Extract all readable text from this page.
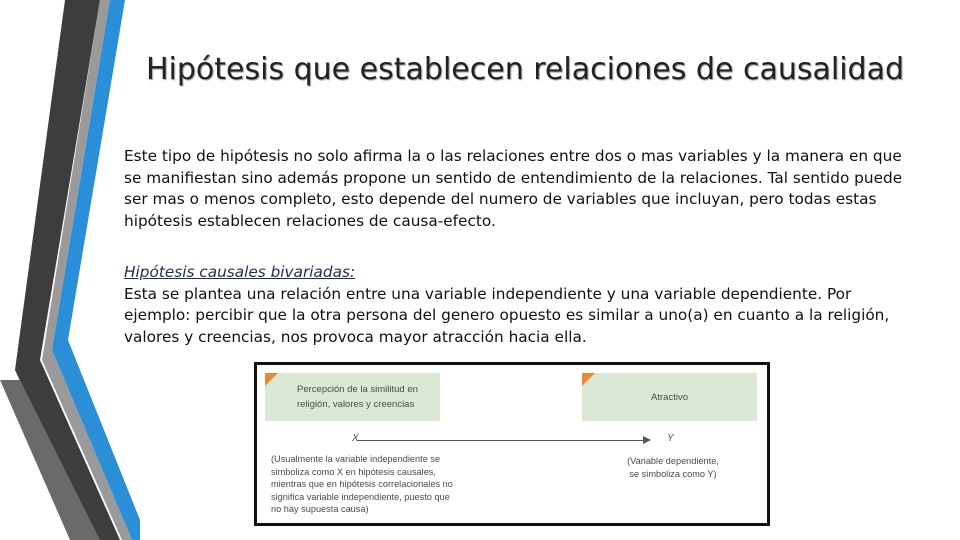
Hipótesis que establecen relaciones de causalidad
Este tipo de hipótesis no solo afirma la o las relaciones entre dos o mas variables y la manera en que se manifiestan sino además propone un sentido de entendimiento de la relaciones. Tal sentido puede ser mas o menos completo, esto depende del numero de variables que incluyan, pero todas estas hipótesis establecen relaciones de causa-efecto.
Hipótesis causales bivariadas:
Esta se plantea una relación entre una variable independiente y una variable dependiente. Por ejemplo: percibir que la otra persona del genero opuesto es similar a uno(a) en cuanto a la religión, valores y creencias, nos provoca mayor atracción hacia ella.
Percepción de la similitud en religión, valores y creencias
Atractivo
X	Y
(Usualmente la variable independiente se simboliza como X en hipótesis causales, mientras que en hipótesis correlacionales no significa variable independiente, puesto que no hay supuesta causa)
(Variable dependiente, se simboliza como Y)
